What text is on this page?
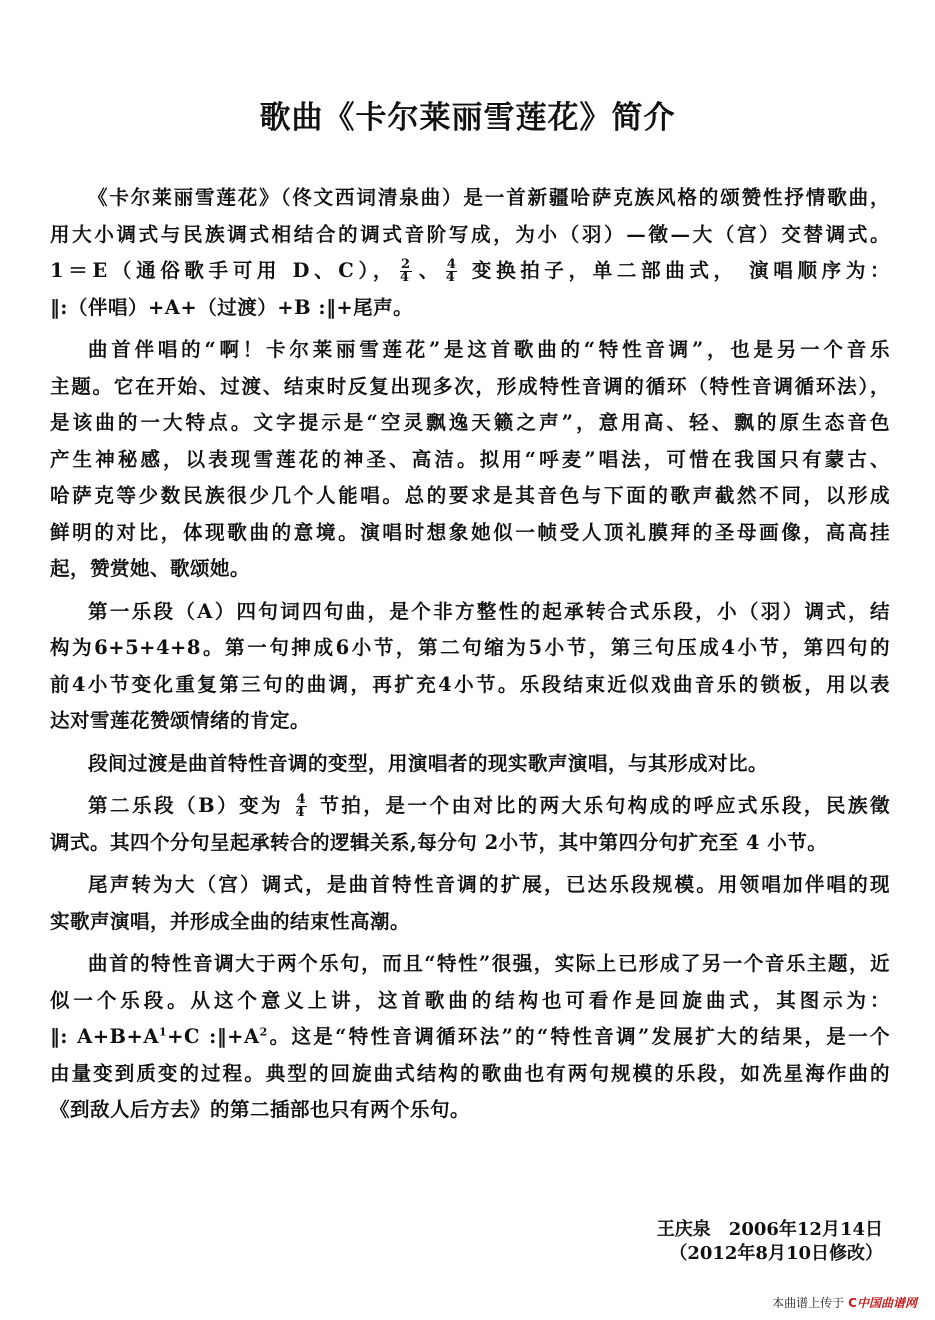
歌曲《卡尔莱丽雪莲花》简介
《卡尔莱丽雪莲花》（佟文西词清泉曲）是一首新疆哈萨克族风格的颂赞性抒情歌曲，
用大小调式与民族调式相结合的调式音阶写成，为小（羽）—徵—大（宫）交替调式。
1＝E（通俗歌手可用 D、C）， $\frac{2}{4}$ 、 $\frac{4}{4}$ 变换拍子，单二部曲式， 演唱顺序为：
‖:（伴唱）+A+（过渡）+B :‖+尾声。
曲首伴唱的“啊！卡尔莱丽雪莲花”是这首歌曲的“特性音调”，也是另一个音乐
主题。它在开始、过渡、结束时反复出现多次，形成特性音调的循环（特性音调循环法），
是该曲的一大特点。文字提示是“空灵飘逸天籁之声”，意用高、轻、飘的原生态音色
产生神秘感，以表现雪莲花的神圣、高洁。拟用“呼麦”唱法，可惜在我国只有蒙古、
哈萨克等少数民族很少几个人能唱。总的要求是其音色与下面的歌声截然不同，以形成
鲜明的对比，体现歌曲的意境。演唱时想象她似一帧受人顶礼膜拜的圣母画像，高高挂
起，赞赏她、歌颂她。
第一乐段（A）四句词四句曲，是个非方整性的起承转合式乐段，小（羽）调式，结
构为6+5+4+8。第一句抻成6小节，第二句缩为5小节，第三句压成4小节，第四句的
前4小节变化重复第三句的曲调，再扩充4小节。乐段结束近似戏曲音乐的锁板，用以表
达对雪莲花赞颂情绪的肯定。
段间过渡是曲首特性音调的变型，用演唱者的现实歌声演唱，与其形成对比。
第二乐段（B）变为 $\frac{4}{4}$ 节拍，是一个由对比的两大乐句构成的呼应式乐段，民族徵
调式。其四个分句呈起承转合的逻辑关系,每分句 2小节，其中第四分句扩充至 4 小节。
尾声转为大（宫）调式，是曲首特性音调的扩展，已达乐段规模。用领唱加伴唱的现
实歌声演唱，并形成全曲的结束性高潮。
曲首的特性音调大于两个乐句，而且“特性”很强，实际上已形成了另一个音乐主题，近
似一个乐段。从这个意义上讲，这首歌曲的结构也可看作是回旋曲式，其图示为：
‖: $A+B+A^1+C$ $:‖+A^2$。这是“特性音调循环法”的“特性音调”发展扩大的结果，是一个
由量变到质变的过程。典型的回旋曲式结构的歌曲也有两句规模的乐段，如冼星海作曲的
《到敌人后方去》的第二插部也只有两个乐句。
王庆泉　2006年12月14日
（2012年8月10日修改）
本曲谱上传于 C中国曲谱网
